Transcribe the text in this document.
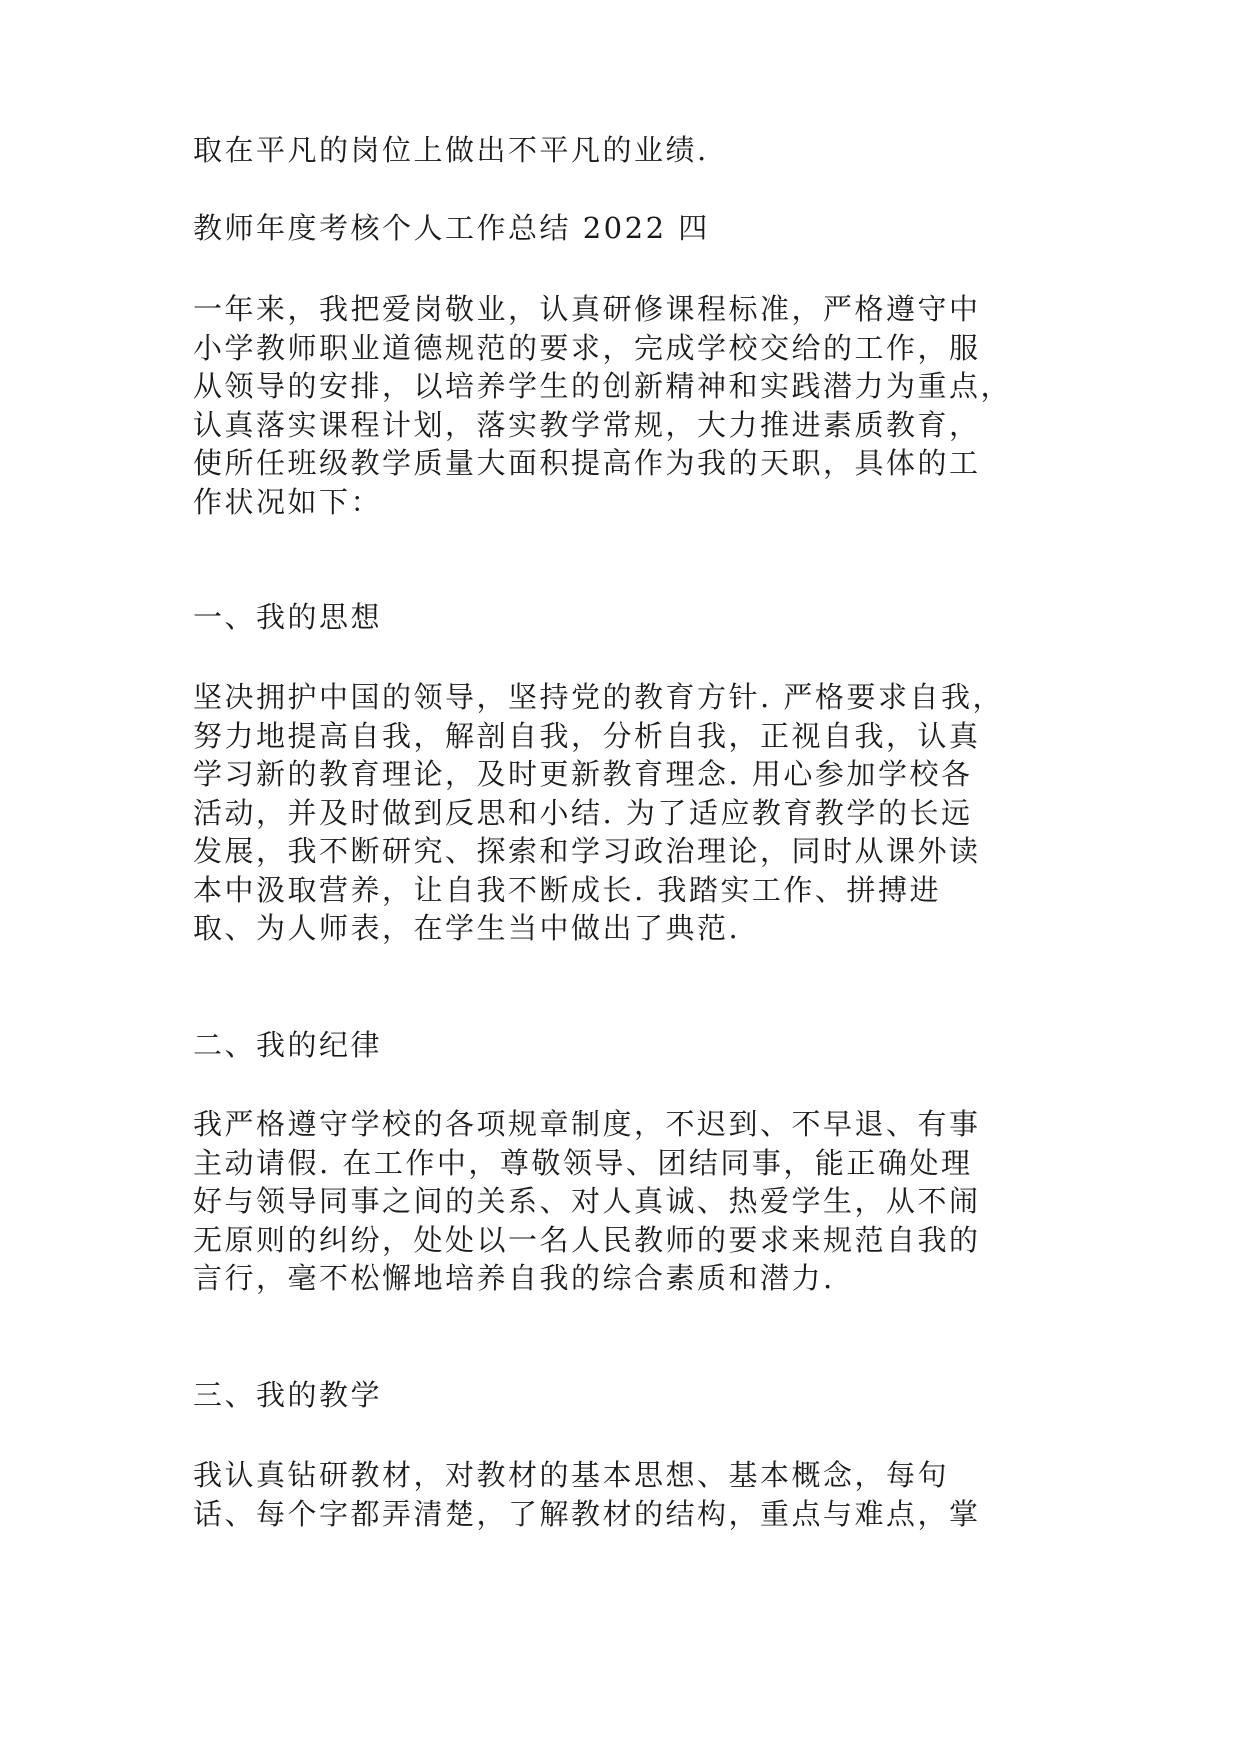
取在平凡的岗位上做出不平凡的业绩.

教师年度考核个人工作总结 2022 四

一年来，我把爱岗敬业，认真研修课程标准，严格遵守中
小学教师职业道德规范的要求，完成学校交给的工作，服
从领导的安排，以培养学生的创新精神和实践潜力为重点，
认真落实课程计划，落实教学常规，大力推进素质教育，
使所任班级教学质量大面积提高作为我的天职，具体的工
作状况如下：

一、我的思想

坚决拥护中国的领导，坚持党的教育方针. 严格要求自我，
努力地提高自我，解剖自我，分析自我，正视自我，认真
学习新的教育理论，及时更新教育理念. 用心参加学校各
活动，并及时做到反思和小结. 为了适应教育教学的长远
发展，我不断研究、探索和学习政治理论，同时从课外读
本中汲取营养，让自我不断成长. 我踏实工作、拼搏进
取、为人师表，在学生当中做出了典范.

二、我的纪律

我严格遵守学校的各项规章制度，不迟到、不早退、有事
主动请假. 在工作中，尊敬领导、团结同事，能正确处理
好与领导同事之间的关系、对人真诚、热爱学生，从不闹
无原则的纠纷，处处以一名人民教师的要求来规范自我的
言行，毫不松懈地培养自我的综合素质和潜力.

三、我的教学

我认真钻研教材，对教材的基本思想、基本概念，每句
话、每个字都弄清楚，了解教材的结构，重点与难点，掌
